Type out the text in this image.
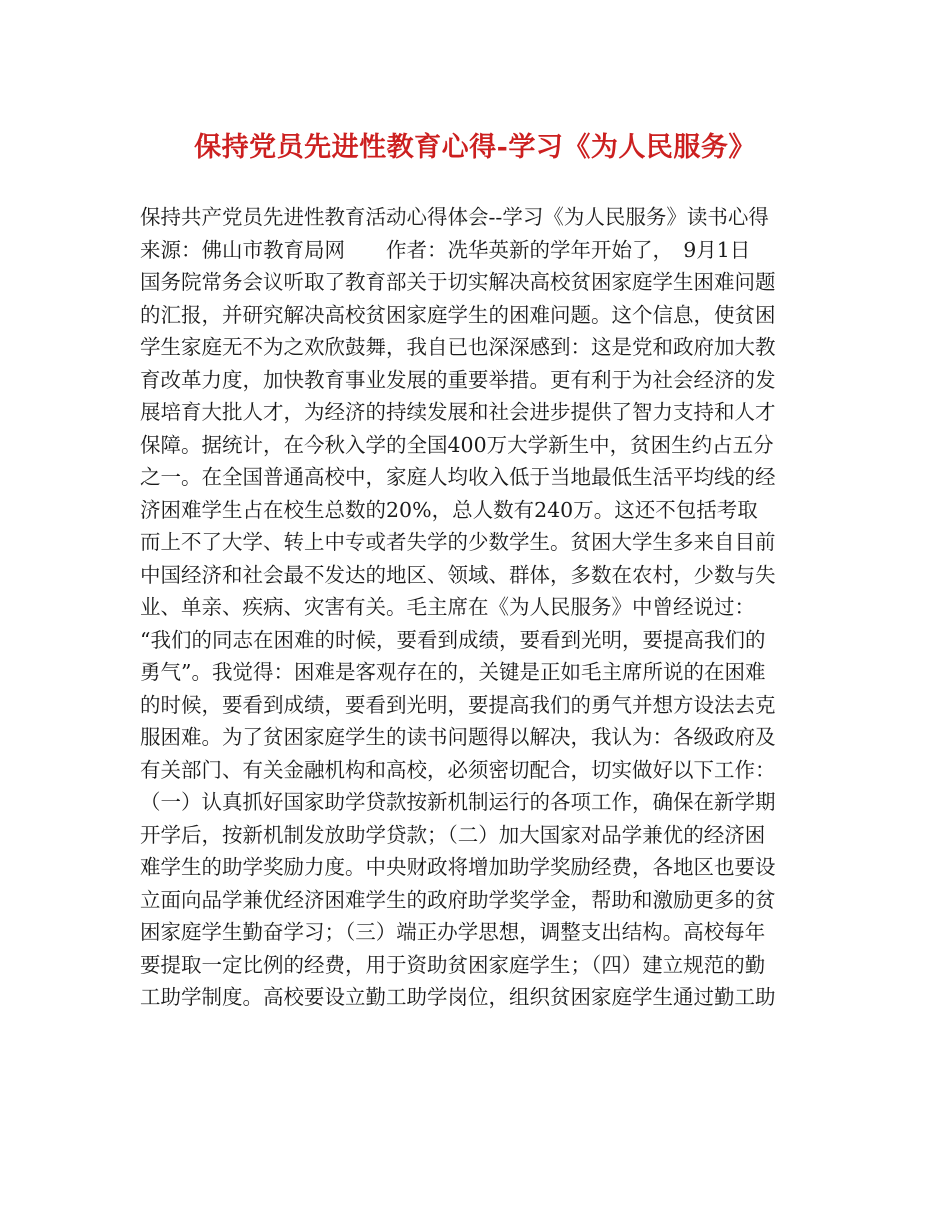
保持党员先进性教育心得-学习《为人民服务》
保持共产党员先进性教育活动心得体会--学习《为人民服务》读书心得
来源：佛山市教育局网　　作者：冼华英新的学年开始了，　9月1日
国务院常务会议听取了教育部关于切实解决高校贫困家庭学生困难问题
的汇报，并研究解决高校贫困家庭学生的困难问题。这个信息，使贫困
学生家庭无不为之欢欣鼓舞，我自已也深深感到：这是党和政府加大教
育改革力度，加快教育事业发展的重要举措。更有利于为社会经济的发
展培育大批人才，为经济的持续发展和社会进步提供了智力支持和人才
保障。据统计，在今秋入学的全国400万大学新生中，贫困生约占五分
之一。在全国普通高校中，家庭人均收入低于当地最低生活平均线的经
济困难学生占在校生总数的20%，总人数有240万。这还不包括考取
而上不了大学、转上中专或者失学的少数学生。贫困大学生多来自目前
中国经济和社会最不发达的地区、领域、群体，多数在农村，少数与失
业、单亲、疾病、灾害有关。毛主席在《为人民服务》中曾经说过：
“我们的同志在困难的时候，要看到成绩，要看到光明，要提高我们的
勇气”。我觉得：困难是客观存在的，关键是正如毛主席所说的在困难
的时候，要看到成绩，要看到光明，要提高我们的勇气并想方设法去克
服困难。为了贫困家庭学生的读书问题得以解决，我认为：各级政府及
有关部门、有关金融机构和高校，必须密切配合，切实做好以下工作：
（一）认真抓好国家助学贷款按新机制运行的各项工作，确保在新学期
开学后，按新机制发放助学贷款；（二）加大国家对品学兼优的经济困
难学生的助学奖励力度。中央财政将增加助学奖励经费，各地区也要设
立面向品学兼优经济困难学生的政府助学奖学金，帮助和激励更多的贫
困家庭学生勤奋学习；（三）端正办学思想，调整支出结构。高校每年
要提取一定比例的经费，用于资助贫困家庭学生；（四）建立规范的勤
工助学制度。高校要设立勤工助学岗位，组织贫困家庭学生通过勤工助
